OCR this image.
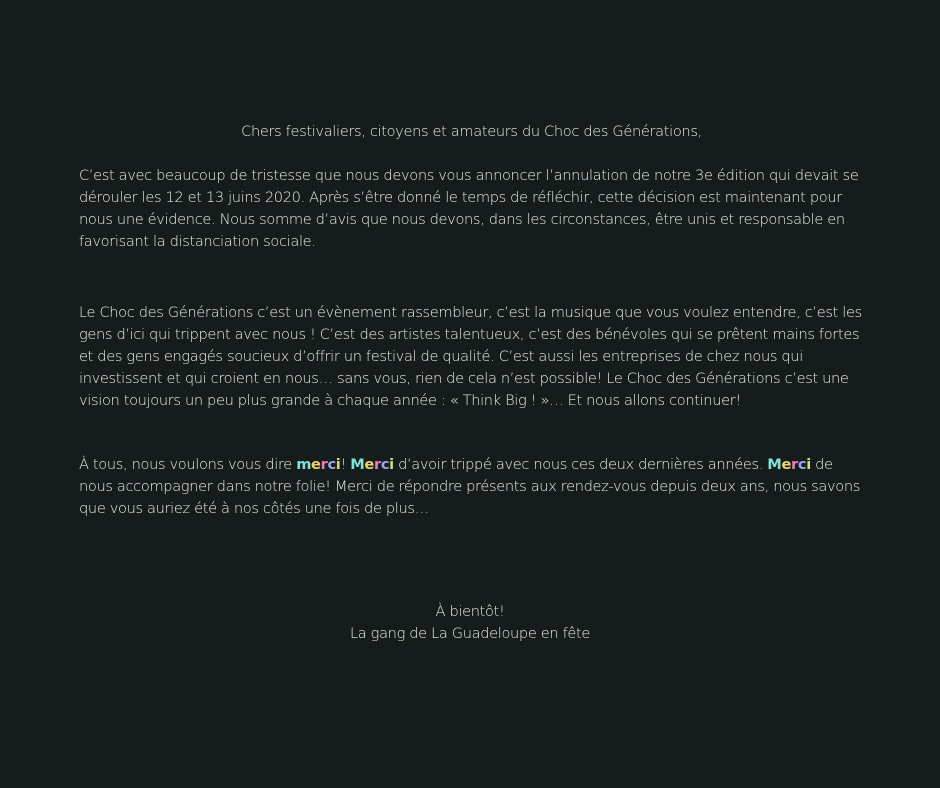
Chers festivaliers, citoyens et amateurs du Choc des Générations,

C’est avec beaucoup de tristesse que nous devons vous annoncer l’annulation de notre 3e édition qui devait se dérouler les 12 et 13 juins 2020. Après s’être donné le temps de réfléchir, cette décision est maintenant pour nous une évidence. Nous somme d’avis que nous devons, dans les circonstances, être unis et responsable en favorisant la distanciation sociale.

Le Choc des Générations c’est un évènement rassembleur, c’est la musique que vous voulez entendre, c’est les gens d’ici qui trippent avec nous ! C’est des artistes talentueux, c’est des bénévoles qui se prêtent mains fortes et des gens engagés soucieux d’offrir un festival de qualité. C’est aussi les entreprises de chez nous qui investissent et qui croient en nous… sans vous, rien de cela n’est possible! Le Choc des Générations c’est une vision toujours un peu plus grande à chaque année : « Think Big ! »… Et nous allons continuer!

À tous, nous voulons vous dire merci! Merci d’avoir trippé avec nous ces deux dernières années. Merci de nous accompagner dans notre folie! Merci de répondre présents aux rendez-vous depuis deux ans, nous savons que vous auriez été à nos côtés une fois de plus…

À bientôt!
La gang de La Guadeloupe en fête
